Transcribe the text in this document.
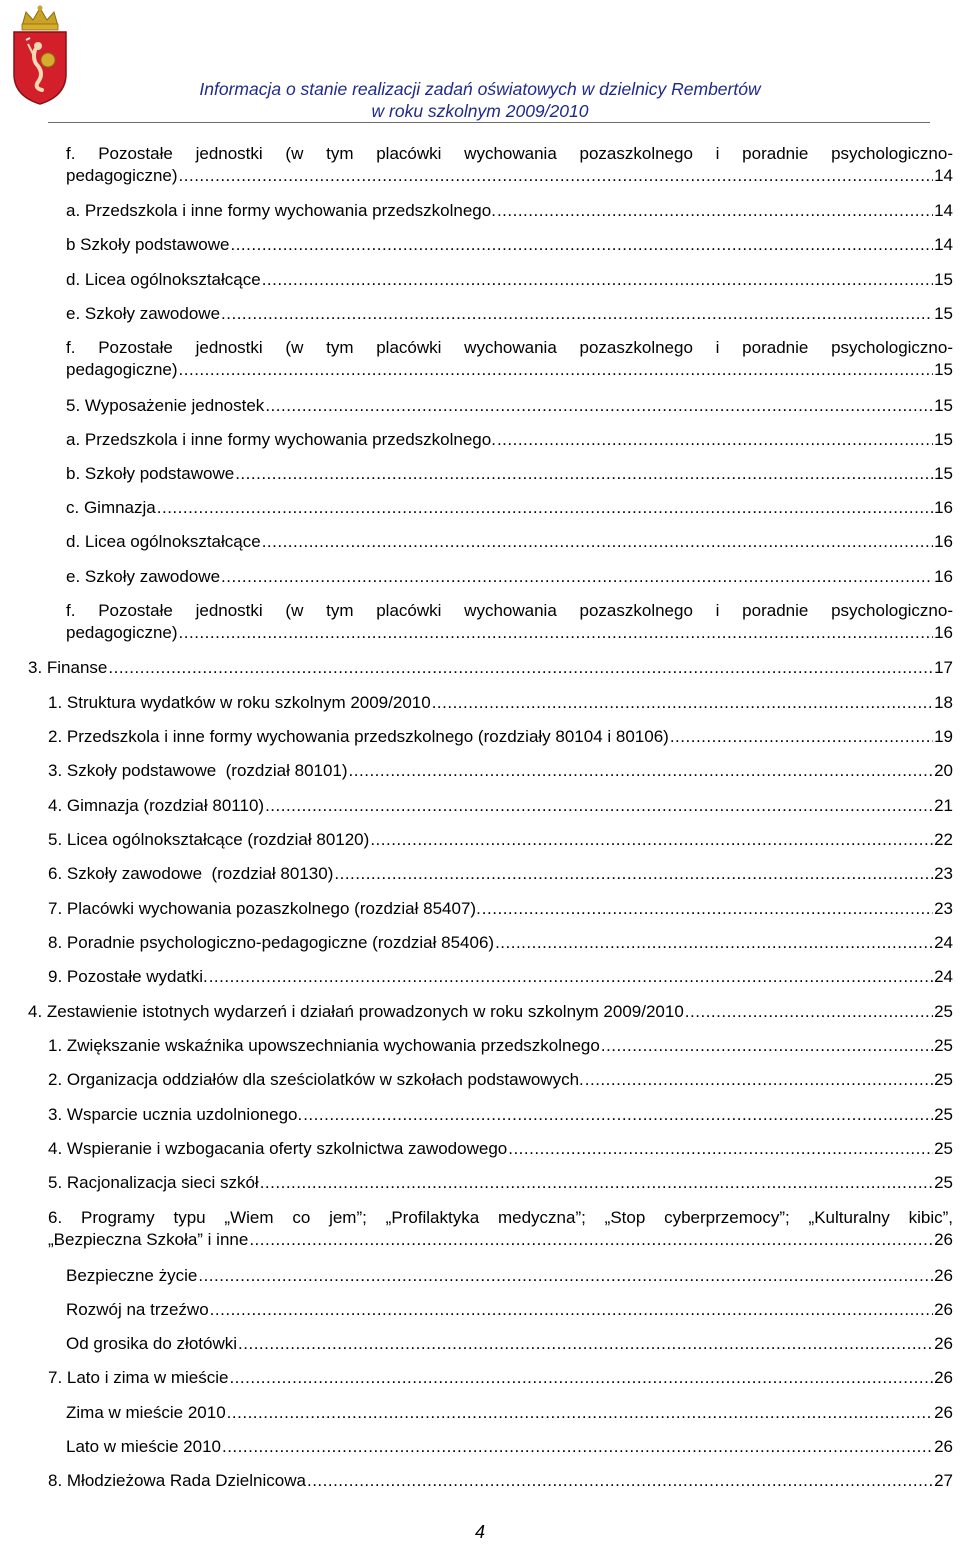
Informacja o stanie realizacji zadań oświatowych w dzielnicy Rembertów
w roku szkolnym 2009/2010
f. Pozostałe jednostki (w tym placówki wychowania pozaszkolnego i poradnie psychologiczno-
pedagogiczne) .....	14
a. Przedszkola i inne formy wychowania przedszkolnego. .....	14
b Szkoły podstawowe .....	14
d. Licea ogólnokształcące .....	15
e. Szkoły zawodowe .....	15
f. Pozostałe jednostki (w tym placówki wychowania pozaszkolnego i poradnie psychologiczno-
pedagogiczne) .....	15
5. Wyposażenie jednostek .....	15
a. Przedszkola i inne formy wychowania przedszkolnego. .....	15
b. Szkoły podstawowe .....	15
c. Gimnazja .....	16
d. Licea ogólnokształcące .....	16
e. Szkoły zawodowe .....	16
f. Pozostałe jednostki (w tym placówki wychowania pozaszkolnego i poradnie psychologiczno-
pedagogiczne) .....	16
3. Finanse .....	17
1. Struktura wydatków w roku szkolnym 2009/2010 .....	18
2. Przedszkola i inne formy wychowania przedszkolnego (rozdziały 80104 i 80106) .....	19
3. Szkoły podstawowe  (rozdział 80101) .....	20
4. Gimnazja (rozdział 80110) .....	21
5. Licea ogólnokształcące (rozdział 80120) .....	22
6. Szkoły zawodowe  (rozdział 80130) .....	23
7. Placówki wychowania pozaszkolnego (rozdział 85407). .....	23
8. Poradnie psychologiczno-pedagogiczne (rozdział 85406) .....	24
9. Pozostałe wydatki. .....	24
4. Zestawienie istotnych wydarzeń i działań prowadzonych w roku szkolnym 2009/2010 .....	25
1. Zwiększanie wskaźnika upowszechniania wychowania przedszkolnego .....	25
2. Organizacja oddziałów dla sześciolatków w szkołach podstawowych. .....	25
3. Wsparcie ucznia uzdolnionego. .....	25
4. Wspieranie i wzbogacania oferty szkolnictwa zawodowego .....	25
5. Racjonalizacja sieci szkół .....	25
6. Programy typu „Wiem co jem”; „Profilaktyka medyczna”; „Stop cyberprzemocy”; „Kulturalny kibic”,
„Bezpieczna Szkoła” i inne .....	26
Bezpieczne życie .....	26
Rozwój na trzeźwo .....	26
Od grosika do złotówki .....	26
7. Lato i zima w mieście .....	26
Zima w mieście 2010 .....	26
Lato w mieście 2010 .....	26
8. Młodzieżowa Rada Dzielnicowa .....	27
4
